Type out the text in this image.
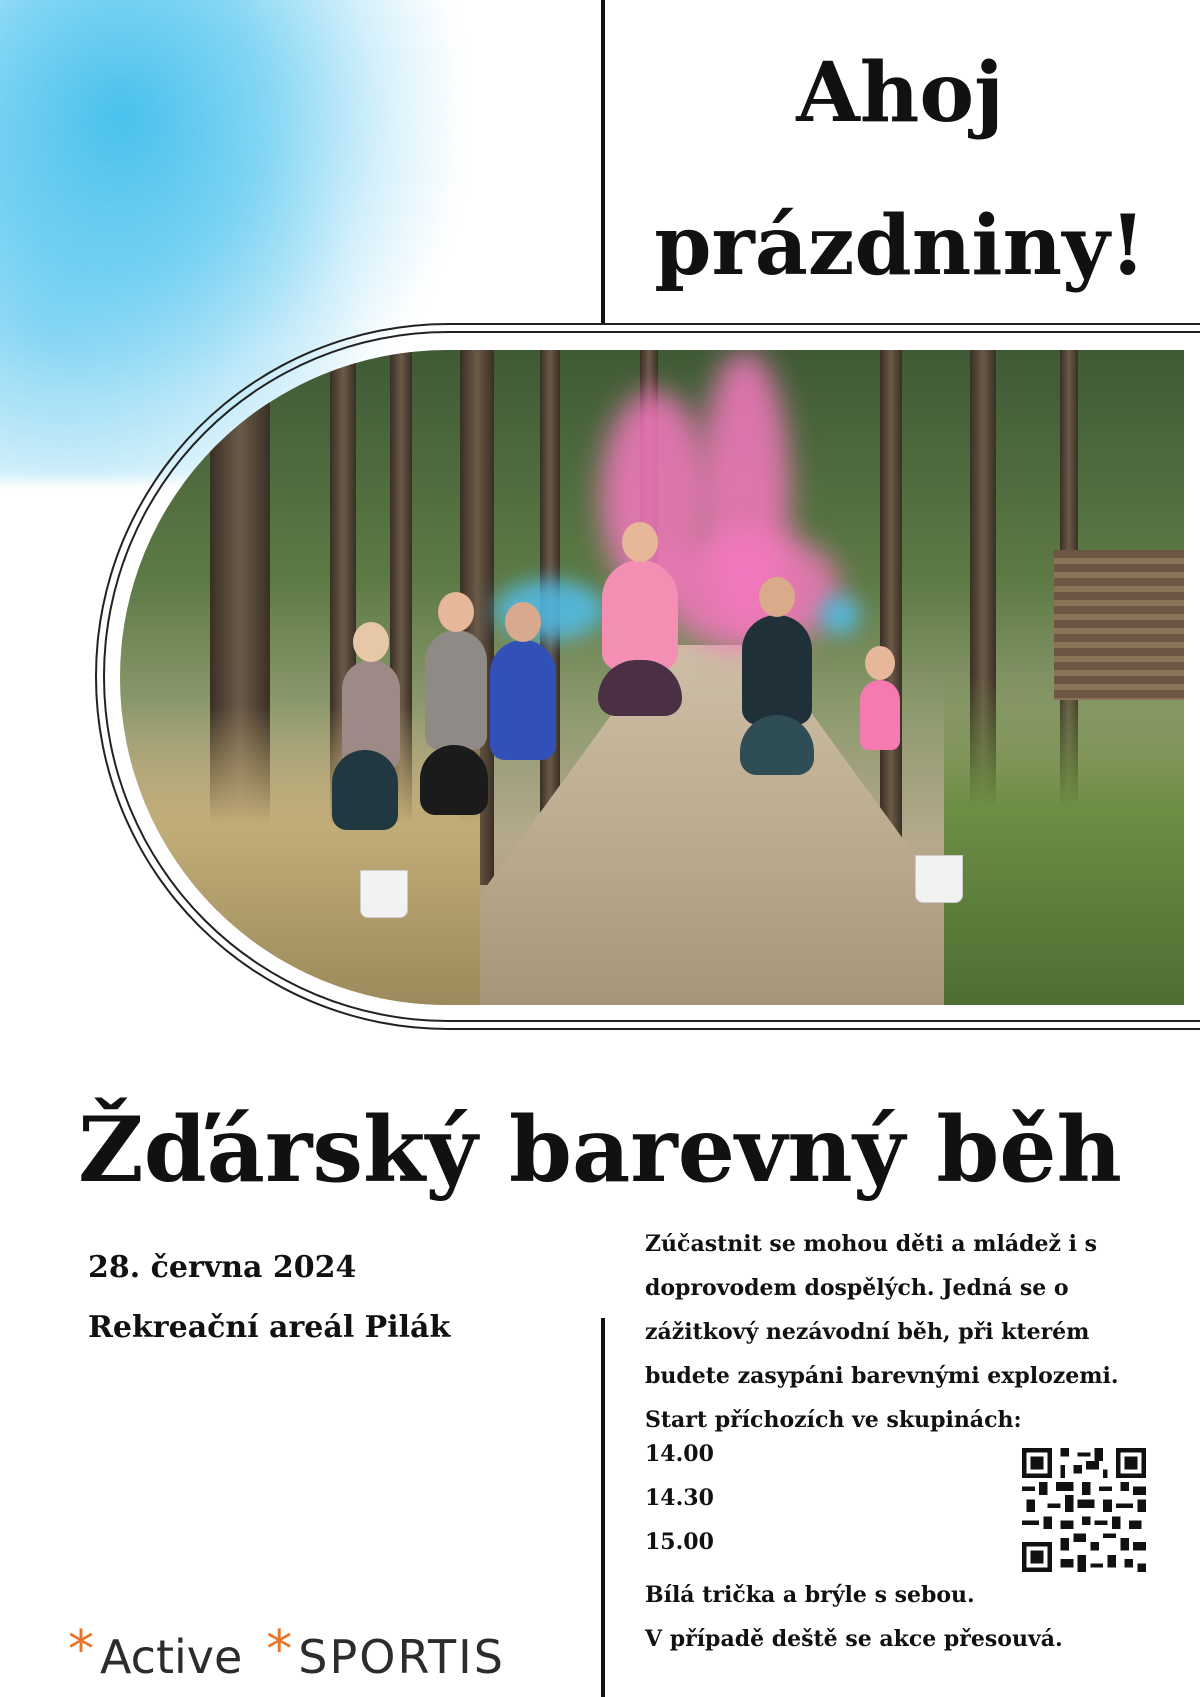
Ahoj
prázdniny!
Žďárský barevný běh

28. června 2024

Rekreační areál Pilák

Zúčastnit se mohou děti a mládež i s

doprovodem dospělých. Jedná se o

zážitkový nezávodní běh, při kterém

budete zasypáni barevnými explozemi.

Start příchozích ve skupinách:

14.00
14.30
15.00

Bílá trička a brýle s sebou.

V případě deště se akce přesouvá.

* Active * SPORTIS
